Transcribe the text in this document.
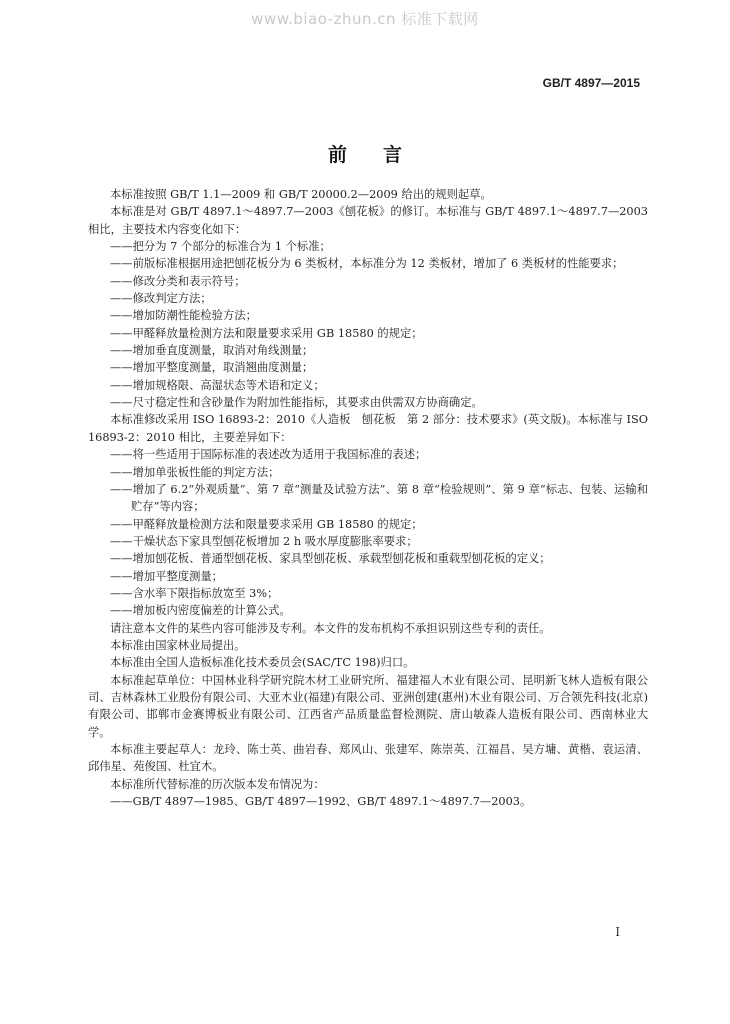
www.biao-zhun.cn 标准下载网
GB/T 4897—2015
前 言

本标准按照 GB/T 1.1—2009 和 GB/T 20000.2—2009 给出的规则起草。

本标准是对 GB/T 4897.1～4897.7—2003《刨花板》的修订。本标准与 GB/T 4897.1～4897.7—2003 相比，主要技术内容变化如下：

——把分为 7 个部分的标准合为 1 个标准；
——前版标准根据用途把刨花板分为 6 类板材，本标准分为 12 类板材，增加了 6 类板材的性能要求；
——修改分类和表示符号；
——修改判定方法；
——增加防潮性能检验方法；
——甲醛释放量检测方法和限量要求采用 GB 18580 的规定；
——增加垂直度测量，取消对角线测量；
——增加平整度测量，取消翘曲度测量；
——增加规格限、高湿状态等术语和定义；
——尺寸稳定性和含砂量作为附加性能指标，其要求由供需双方协商确定。

本标准修改采用 ISO 16893-2：2010《人造板　刨花板　第 2 部分：技术要求》(英文版)。本标准与 ISO 16893-2：2010 相比，主要差异如下：

——将一些适用于国际标准的表述改为适用于我国标准的表述；
——增加单张板性能的判定方法；
——增加了 6.2“外观质量”、第 7 章“测量及试验方法”、第 8 章“检验规则”、第 9 章“标志、包装、运输和贮存”等内容；
——甲醛释放量检测方法和限量要求采用 GB 18580 的规定；
——干燥状态下家具型刨花板增加 2 h 吸水厚度膨胀率要求；
——增加刨花板、普通型刨花板、家具型刨花板、承载型刨花板和重载型刨花板的定义；
——增加平整度测量；
——含水率下限指标放宽至 3%；
——增加板内密度偏差的计算公式。

请注意本文件的某些内容可能涉及专利。本文件的发布机构不承担识别这些专利的责任。

本标准由国家林业局提出。

本标准由全国人造板标准化技术委员会(SAC/TC 198)归口。

本标准起草单位：中国林业科学研究院木材工业研究所、福建福人木业有限公司、昆明新飞林人造板有限公司、吉林森林工业股份有限公司、大亚木业(福建)有限公司、亚洲创建(惠州)木业有限公司、万合领先科技(北京)有限公司、邯郸市金赛博板业有限公司、江西省产品质量监督检测院、唐山敏森人造板有限公司、西南林业大学。

本标准主要起草人：龙玲、陈士英、曲岩春、郑风山、张建军、陈崇英、江福昌、吴方墉、黄楷、袁运清、邱伟星、苑俊国、杜宜木。

本标准所代替标准的历次版本发布情况为：

——GB/T 4897—1985、GB/T 4897—1992、GB/T 4897.1～4897.7—2003。
I
